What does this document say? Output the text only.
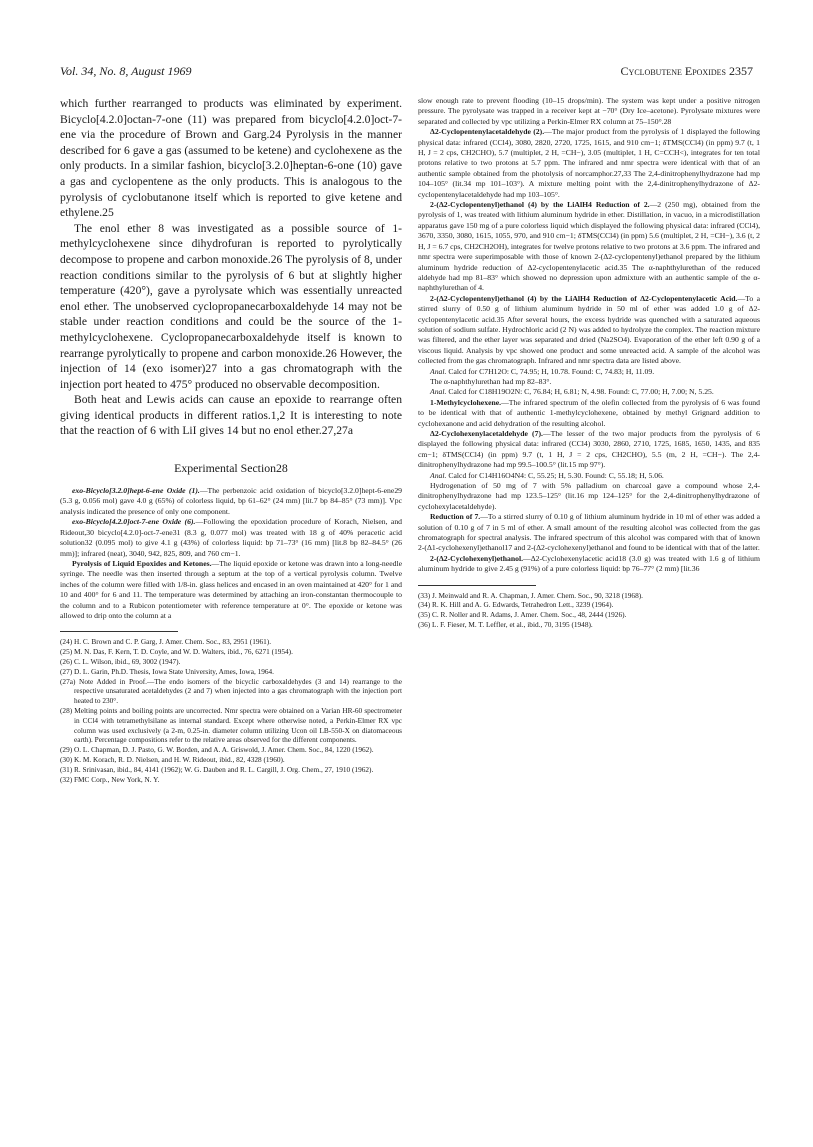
Vol. 34, No. 8, August 1969	Cyclobutene Epoxides 2357

which further rearranged to products was eliminated by experiment. Bicyclo[4.2.0]octan-7-one (11) was prepared from bicyclo[4.2.0]oct-7-ene via the procedure of Brown and Garg.24 Pyrolysis in the manner described for 6 gave a gas (assumed to be ketene) and cyclohexene as the only products. In a similar fashion, bicyclo[3.2.0]heptan-6-one (10) gave a gas and cyclopentene as the only products. This is analogous to the pyrolysis of cyclobutanone itself which is reported to give ketene and ethylene.25

The enol ether 8 was investigated as a possible source of 1-methylcyclohexene since dihydrofuran is reported to pyrolytically decompose to propene and carbon monoxide.26 The pyrolysis of 8, under reaction conditions similar to the pyrolysis of 6 but at slightly higher temperature (420°), gave a pyrolysate which was essentially unreacted enol ether. The unobserved cyclopropanecarboxaldehyde 14 may not be stable under reaction conditions and could be the source of the 1-methylcyclohexene. Cyclopropanecarboxaldehyde itself is known to rearrange pyrolytically to propene and carbon monoxide.26 However, the injection of 14 (exo isomer)27 into a gas chromatograph with the injection port heated to 475° produced no observable decomposition.

Both heat and Lewis acids can cause an epoxide to rearrange often giving identical products in different ratios.1,2 It is interesting to note that the reaction of 6 with LiI gives 14 but no enol ether.27,27a

Experimental Section28

exo-Bicyclo[3.2.0]hept-6-ene Oxide (1).—The perbenzoic acid oxidation of bicyclo[3.2.0]hept-6-ene29 (5.3 g, 0.056 mol) gave 4.0 g (65%) of colorless liquid, bp 61–62° (24 mm) [lit.7 bp 84–85° (73 mm)]. Vpc analysis indicated the presence of only one component.

exo-Bicyclo[4.2.0]oct-7-ene Oxide (6).—Following the epoxidation procedure of Korach, Nielsen, and Rideout,30 bicyclo[4.2.0]-oct-7-ene31 (8.3 g, 0.077 mol) was treated with 18 g of 40% peracetic acid solution32 (0.095 mol) to give 4.1 g (43%) of colorless liquid: bp 71–73° (16 mm) [lit.8 bp 82–84.5° (26 mm)]; infrared (neat), 3040, 942, 825, 809, and 760 cm−1.

Pyrolysis of Liquid Epoxides and Ketones.—The liquid epoxide or ketone was drawn into a long-needle syringe. The needle was then inserted through a septum at the top of a vertical pyrolysis column. Twelve inches of the column were filled with 1/8-in. glass helices and encased in an oven maintained at 420° for 1 and 10 and 400° for 6 and 11. The temperature was determined by attaching an iron-constantan thermocouple to the column and to a Rubicon potentiometer with reference temperature at 0°. The epoxide or ketone was allowed to drip onto the column at a

(24) H. C. Brown and C. P. Garg, J. Amer. Chem. Soc., 83, 2951 (1961).

(25) M. N. Das, F. Kern, T. D. Coyle, and W. D. Walters, ibid., 76, 6271 (1954).

(26) C. L. Wilson, ibid., 69, 3002 (1947).

(27) D. L. Garin, Ph.D. Thesis, Iowa State University, Ames, Iowa, 1964.

(27a) Note Added in Proof.—The endo isomers of the bicyclic carboxaldehydes (3 and 14) rearrange to the respective unsaturated acetaldehydes (2 and 7) when injected into a gas chromatograph with the injection port heated to 230°.

(28) Melting points and boiling points are uncorrected. Nmr spectra were obtained on a Varian HR-60 spectrometer in CCl4 with tetramethylsilane as internal standard. Except where otherwise noted, a Perkin-Elmer RX vpc column was used exclusively (a 2-m, 0.25-in. diameter column utilizing Ucon oil LB-550-X on diatomaceous earth). Percentage compositions refer to the relative areas observed for the different components.

(29) O. L. Chapman, D. J. Pasto, G. W. Borden, and A. A. Griswold, J. Amer. Chem. Soc., 84, 1220 (1962).

(30) K. M. Korach, R. D. Nielsen, and H. W. Rideout, ibid., 82, 4328 (1960).

(31) R. Srinivasan, ibid., 84, 4141 (1962); W. G. Dauben and R. L. Cargill, J. Org. Chem., 27, 1910 (1962).

(32) FMC Corp., New York, N. Y.

slow enough rate to prevent flooding (10–15 drops/min). The system was kept under a positive nitrogen pressure. The pyrolysate was trapped in a receiver kept at −70° (Dry Ice–acetone). Pyrolysate mixtures were separated and collected by vpc utilizing a Perkin-Elmer RX column at 75–150°.28

Δ2-Cyclopentenylacetaldehyde (2).—The major product from the pyrolysis of 1 displayed the following physical data: infrared (CCl4), 3080, 2820, 2720, 1725, 1615, and 910 cm−1; δTMS(CCl4) (in ppm) 9.7 (t, 1 H, J = 2 cps, CH2CHO), 5.7 (multiplet, 2 H, =CH−), 3.05 (multiplet, 1 H, C=CCH<), integrates for ten total protons relative to two protons at 5.7 ppm. The infrared and nmr spectra were identical with that of an authentic sample obtained from the photolysis of norcamphor.27,33 The 2,4-dinitrophenylhydrazone had mp 104–105° (lit.34 mp 101–103°). A mixture melting point with the 2,4-dinitrophenylhydrazone of Δ2-cyclopentenylacetaldehyde had mp 103–105°.

2-(Δ2-Cyclopentenyl)ethanol (4) by the LiAlH4 Reduction of 2.—2 (250 mg), obtained from the pyrolysis of 1, was treated with lithium aluminum hydride in ether. Distillation, in vacuo, in a microdistillation apparatus gave 150 mg of a pure colorless liquid which displayed the following physical data: infrared (CCl4), 3670, 3350, 3080, 1615, 1055, 970, and 910 cm−1; δTMS(CCl4) (in ppm) 5.6 (multiplet, 2 H, =CH−), 3.6 (t, 2 H, J = 6.7 cps, CH2CH2OH), integrates for twelve protons relative to two protons at 3.6 ppm. The infrared and nmr spectra were superimposable with those of known 2-(Δ2-cyclopentenyl)ethanol prepared by the lithium aluminum hydride reduction of Δ2-cyclopentenylacetic acid.35 The α-naphthylurethan of the reduced aldehyde had mp 81–83° which showed no depression upon admixture with an authentic sample of the α-naphthylurethan of 4.

2-(Δ2-Cyclopentenyl)ethanol (4) by the LiAlH4 Reduction of Δ2-Cyclopentenylacetic Acid.—To a stirred slurry of 0.50 g of lithium aluminum hydride in 50 ml of ether was added 1.0 g of Δ2-cyclopentenylacetic acid.35 After several hours, the excess hydride was quenched with a saturated aqueous solution of sodium sulfate. Hydrochloric acid (2 N) was added to hydrolyze the complex. The reaction mixture was filtered, and the ether layer was separated and dried (Na2SO4). Evaporation of the ether left 0.90 g of a viscous liquid. Analysis by vpc showed one product and some unreacted acid. A sample of the alcohol was collected from the gas chromatograph. Infrared and nmr spectra data are listed above.

Anal. Calcd for C7H12O: C, 74.95; H, 10.78. Found: C, 74.83; H, 11.09.

The α-naphthylurethan had mp 82–83°.

Anal. Calcd for C18H19O2N: C, 76.84; H, 6.81; N, 4.98. Found: C, 77.00; H, 7.00; N, 5.25.

1-Methylcyclohexene.—The infrared spectrum of the olefin collected from the pyrolysis of 6 was found to be identical with that of authentic 1-methylcyclohexene, obtained by methyl Grignard addition to cyclohexanone and acid dehydration of the resulting alcohol.

Δ2-Cyclohexenylacetaldehyde (7).—The lesser of the two major products from the pyrolysis of 6 displayed the following physical data: infrared (CCl4) 3030, 2860, 2710, 1725, 1685, 1650, 1435, and 835 cm−1; δTMS(CCl4) (in ppm) 9.7 (t, 1 H, J = 2 cps, CH2CHO), 5.5 (m, 2 H, =CH−). The 2,4-dinitrophenylhydrazone had mp 99.5–100.5° (lit.15 mp 97°).

Anal. Calcd for C14H16O4N4: C, 55.25; H, 5.30. Found: C, 55.18; H, 5.06.

Hydrogenation of 50 mg of 7 with 5% palladium on charcoal gave a compound whose 2,4-dinitrophenylhydrazone had mp 123.5–125° (lit.16 mp 124–125° for the 2,4-dinitrophenylhydrazone of cyclohexylacetaldehyde).

Reduction of 7.—To a stirred slurry of 0.10 g of lithium aluminum hydride in 10 ml of ether was added a solution of 0.10 g of 7 in 5 ml of ether. A small amount of the resulting alcohol was collected from the gas chromatograph for spectral analysis. The infrared spectrum of this alcohol was compared with that of known 2-(Δ1-cyclohexenyl)ethanol17 and 2-(Δ2-cyclohexenyl)ethanol and found to be identical with that of the latter.

2-(Δ2-Cyclohexenyl)ethanol.—Δ2-Cyclohexenylacetic acid18 (3.0 g) was treated with 1.6 g of lithium aluminum hydride to give 2.45 g (91%) of a pure colorless liquid: bp 76–77° (2 mm) [lit.36

(33) J. Meinwald and R. A. Chapman, J. Amer. Chem. Soc., 90, 3218 (1968).

(34) R. K. Hill and A. G. Edwards, Tetrahedron Lett., 3239 (1964).

(35) C. R. Noller and R. Adams, J. Amer. Chem. Soc., 48, 2444 (1926).

(36) L. F. Fieser, M. T. Leffler, et al., ibid., 70, 3195 (1948).
